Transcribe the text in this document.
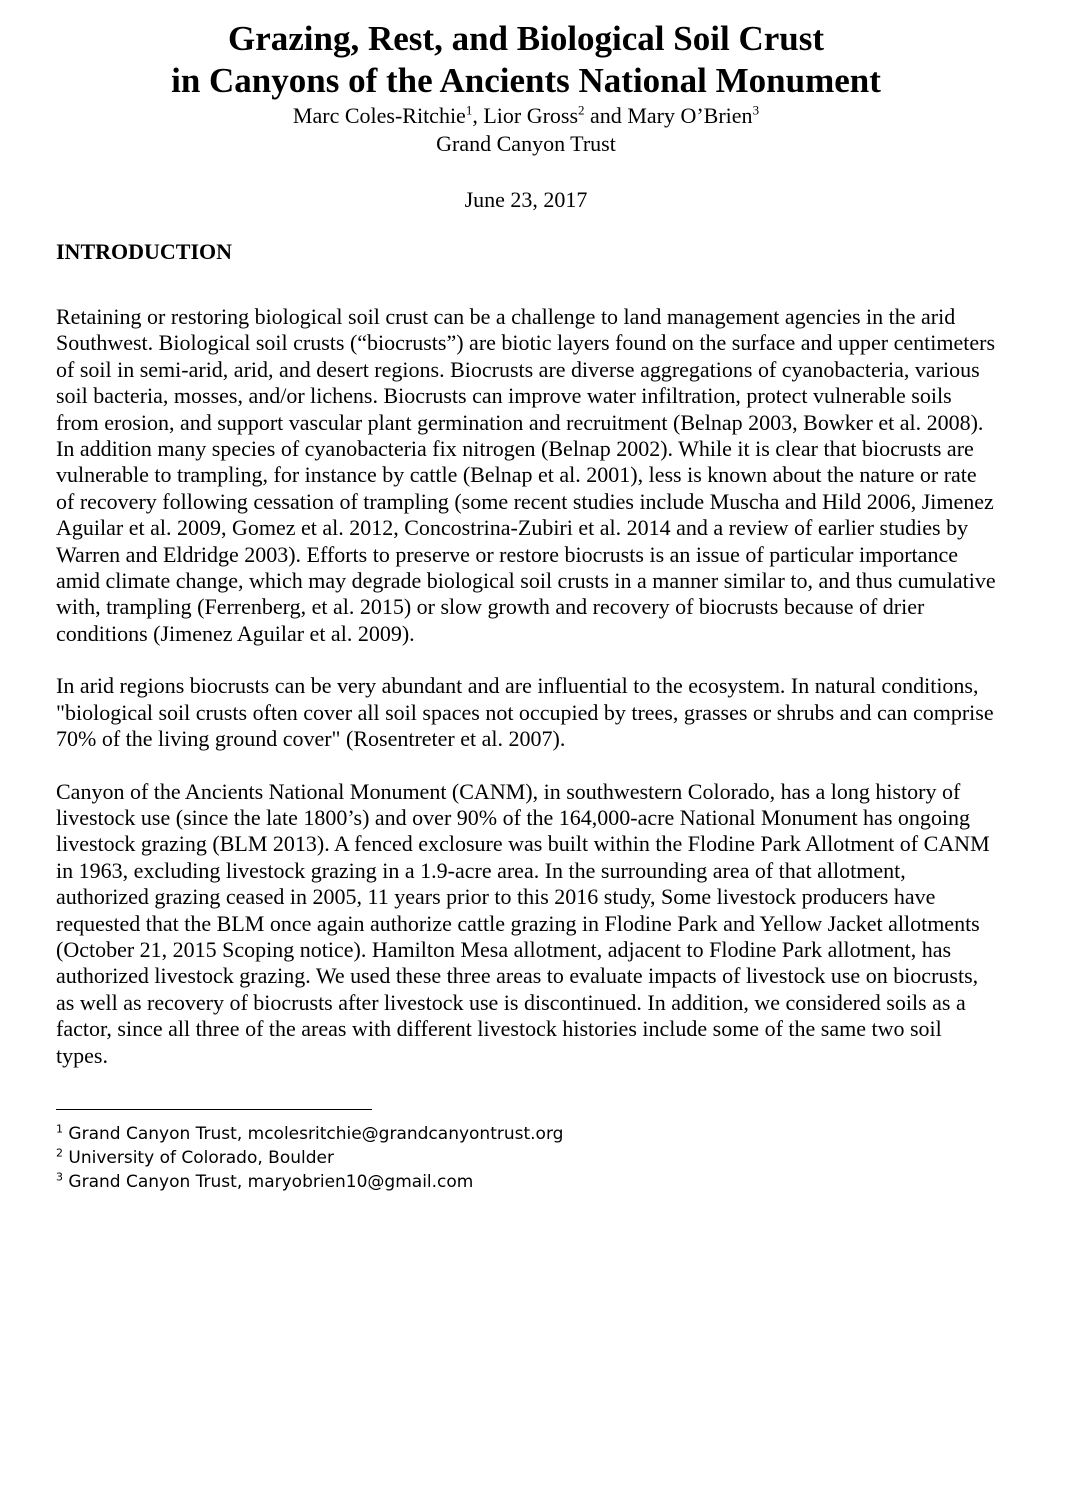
Grazing, Rest, and Biological Soil Crust
in Canyons of the Ancients National Monument

Marc Coles-Ritchie$^1$, Lior Gross$^2$ and Mary O’Brien$^3$

Grand Canyon Trust

June 23, 2017

INTRODUCTION

Retaining or restoring biological soil crust can be a challenge to land management agencies in the arid Southwest. Biological soil crusts (“biocrusts”) are biotic layers found on the surface and upper centimeters of soil in semi-arid, arid, and desert regions. Biocrusts are diverse aggregations of cyanobacteria, various soil bacteria, mosses, and/or lichens. Biocrusts can improve water infiltration, protect vulnerable soils from erosion, and support vascular plant germination and recruitment (Belnap 2003, Bowker et al. 2008). In addition many species of cyanobacteria fix nitrogen (Belnap 2002). While it is clear that biocrusts are vulnerable to trampling, for instance by cattle (Belnap et al. 2001), less is known about the nature or rate of recovery following cessation of trampling (some recent studies include Muscha and Hild 2006, Jimenez Aguilar et al. 2009, Gomez et al. 2012, Concostrina-Zubiri et al. 2014 and a review of earlier studies by Warren and Eldridge 2003). Efforts to preserve or restore biocrusts is an issue of particular importance amid climate change, which may degrade biological soil crusts in a manner similar to, and thus cumulative with, trampling (Ferrenberg, et al. 2015) or slow growth and recovery of biocrusts because of drier conditions (Jimenez Aguilar et al. 2009).

In arid regions biocrusts can be very abundant and are influential to the ecosystem. In natural conditions, "biological soil crusts often cover all soil spaces not occupied by trees, grasses or shrubs and can comprise 70% of the living ground cover" (Rosentreter et al. 2007).

Canyon of the Ancients National Monument (CANM), in southwestern Colorado, has a long history of livestock use (since the late 1800’s) and over 90% of the 164,000-acre National Monument has ongoing livestock grazing (BLM 2013). A fenced exclosure was built within the Flodine Park Allotment of CANM in 1963, excluding livestock grazing in a 1.9-acre area. In the surrounding area of that allotment, authorized grazing ceased in 2005, 11 years prior to this 2016 study, Some livestock producers have requested that the BLM once again authorize cattle grazing in Flodine Park and Yellow Jacket allotments (October 21, 2015 Scoping notice). Hamilton Mesa allotment, adjacent to Flodine Park allotment, has authorized livestock grazing. We used these three areas to evaluate impacts of livestock use on biocrusts, as well as recovery of biocrusts after livestock use is discontinued. In addition, we considered soils as a factor, since all three of the areas with different livestock histories include some of the same two soil types.

$^1$ Grand Canyon Trust, mcolesritchie@grandcanyontrust.org
$^2$ University of Colorado, Boulder
$^3$ Grand Canyon Trust, maryobrien10@gmail.com
